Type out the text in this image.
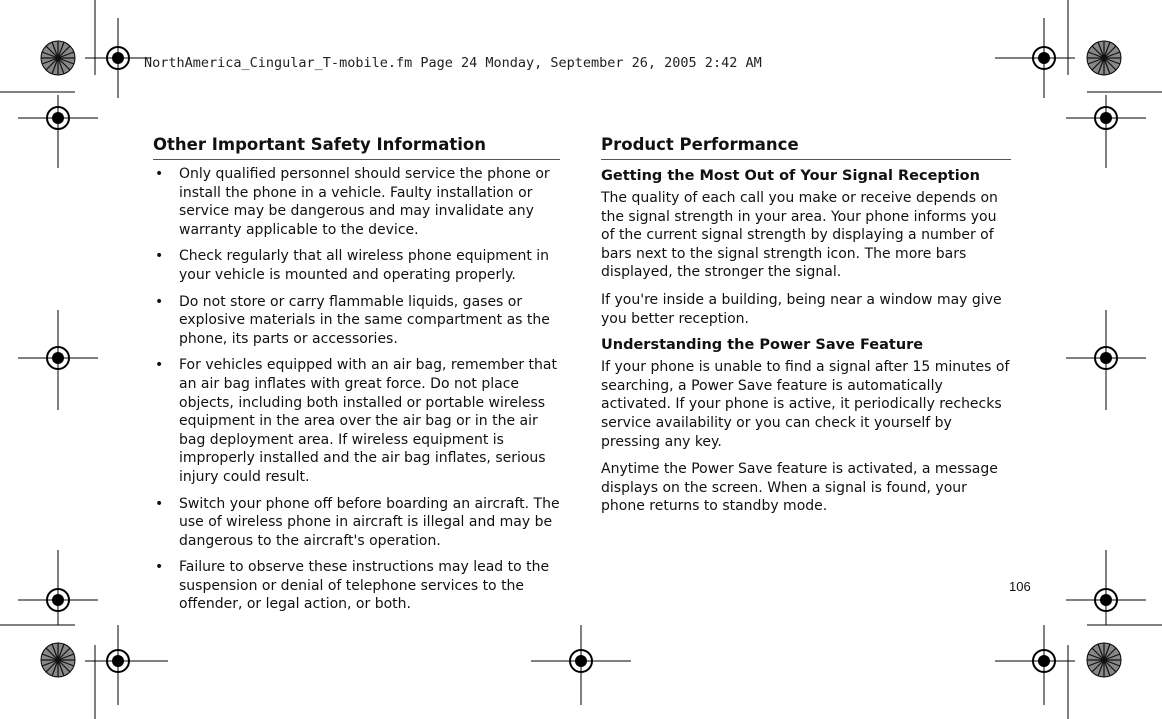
NorthAmerica_Cingular_T-mobile.fm Page 24 Monday, September 26, 2005 2:42 AM
Other Important Safety Information
• Only qualified personnel should service the phone or install the phone in a vehicle. Faulty installation or service may be dangerous and may invalidate any warranty applicable to the device.
• Check regularly that all wireless phone equipment in your vehicle is mounted and operating properly.
• Do not store or carry flammable liquids, gases or explosive materials in the same compartment as the phone, its parts or accessories.
• For vehicles equipped with an air bag, remember that an air bag inflates with great force. Do not place objects, including both installed or portable wireless equipment in the area over the air bag or in the air bag deployment area. If wireless equipment is improperly installed and the air bag inflates, serious injury could result.
• Switch your phone off before boarding an aircraft. The use of wireless phone in aircraft is illegal and may be dangerous to the aircraft's operation.
• Failure to observe these instructions may lead to the suspension or denial of telephone services to the offender, or legal action, or both.
Product Performance
Getting the Most Out of Your Signal Reception

The quality of each call you make or receive depends on the signal strength in your area. Your phone informs you of the current signal strength by displaying a number of bars next to the signal strength icon. The more bars displayed, the stronger the signal.

If you're inside a building, being near a window may give you better reception.

Understanding the Power Save Feature

If your phone is unable to find a signal after 15 minutes of searching, a Power Save feature is automatically activated. If your phone is active, it periodically rechecks service availability or you can check it yourself by pressing any key.

Anytime the Power Save feature is activated, a message displays on the screen. When a signal is found, your phone returns to standby mode.

106
